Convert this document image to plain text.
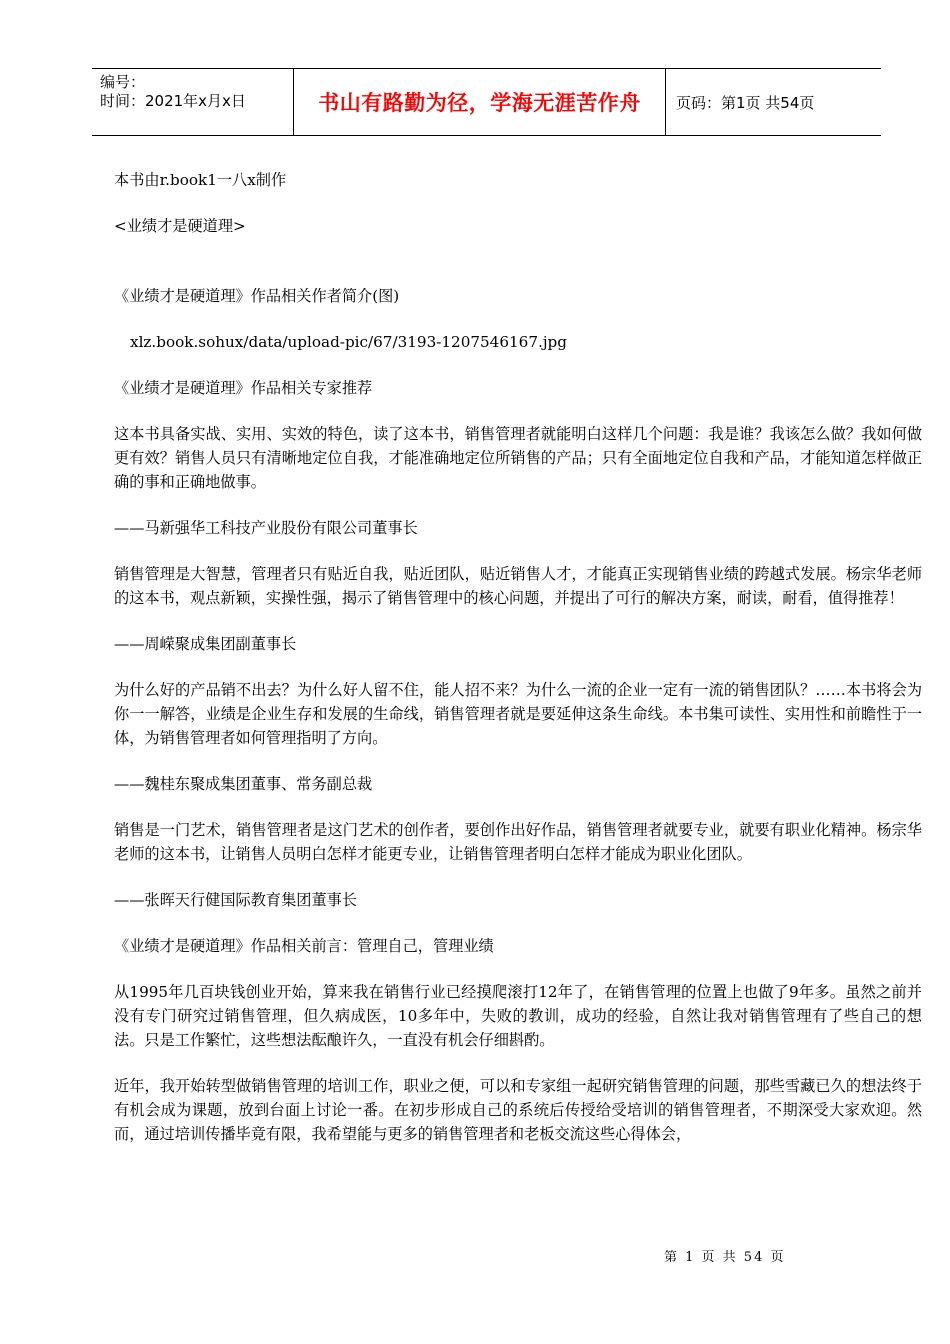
编号：
时间：2021年x月x日	书山有路勤为径，学海无涯苦作舟	页码：第1页 共54页

本书由r.book1一八x制作

<业绩才是硬道理>

《业绩才是硬道理》作品相关作者简介(图)

xlz.book.sohux/data/upload-pic/67/3193-1207546167.jpg

《业绩才是硬道理》作品相关专家推荐

这本书具备实战、实用、实效的特色，读了这本书，销售管理者就能明白这样几个问题：我是谁？我该怎么做？我如何做更有效？销售人员只有清晰地定位自我，才能准确地定位所销售的产品；只有全面地定位自我和产品，才能知道怎样做正确的事和正确地做事。

——马新强华工科技产业股份有限公司董事长

销售管理是大智慧，管理者只有贴近自我，贴近团队，贴近销售人才，才能真正实现销售业绩的跨越式发展。杨宗华老师的这本书，观点新颖，实操性强，揭示了销售管理中的核心问题，并提出了可行的解决方案，耐读，耐看，值得推荐！

——周嵘聚成集团副董事长

为什么好的产品销不出去？为什么好人留不住，能人招不来？为什么一流的企业一定有一流的销售团队？……本书将会为你一一解答，业绩是企业生存和发展的生命线，销售管理者就是要延伸这条生命线。本书集可读性、实用性和前瞻性于一体，为销售管理者如何管理指明了方向。

——魏桂东聚成集团董事、常务副总裁

销售是一门艺术，销售管理者是这门艺术的创作者，要创作出好作品，销售管理者就要专业，就要有职业化精神。杨宗华老师的这本书，让销售人员明白怎样才能更专业，让销售管理者明白怎样才能成为职业化团队。

——张晖天行健国际教育集团董事长

《业绩才是硬道理》作品相关前言：管理自己，管理业绩

从1995年几百块钱创业开始，算来我在销售行业已经摸爬滚打12年了，在销售管理的位置上也做了9年多。虽然之前并没有专门研究过销售管理，但久病成医，10多年中，失败的教训，成功的经验，自然让我对销售管理有了些自己的想法。只是工作繁忙，这些想法酝酿许久，一直没有机会仔细斟酌。

近年，我开始转型做销售管理的培训工作，职业之便，可以和专家组一起研究销售管理的问题，那些雪藏已久的想法终于有机会成为课题，放到台面上讨论一番。在初步形成自己的系统后传授给受培训的销售管理者，不期深受大家欢迎。然而，通过培训传播毕竟有限，我希望能与更多的销售管理者和老板交流这些心得体会，

第 1 页 共 54 页
